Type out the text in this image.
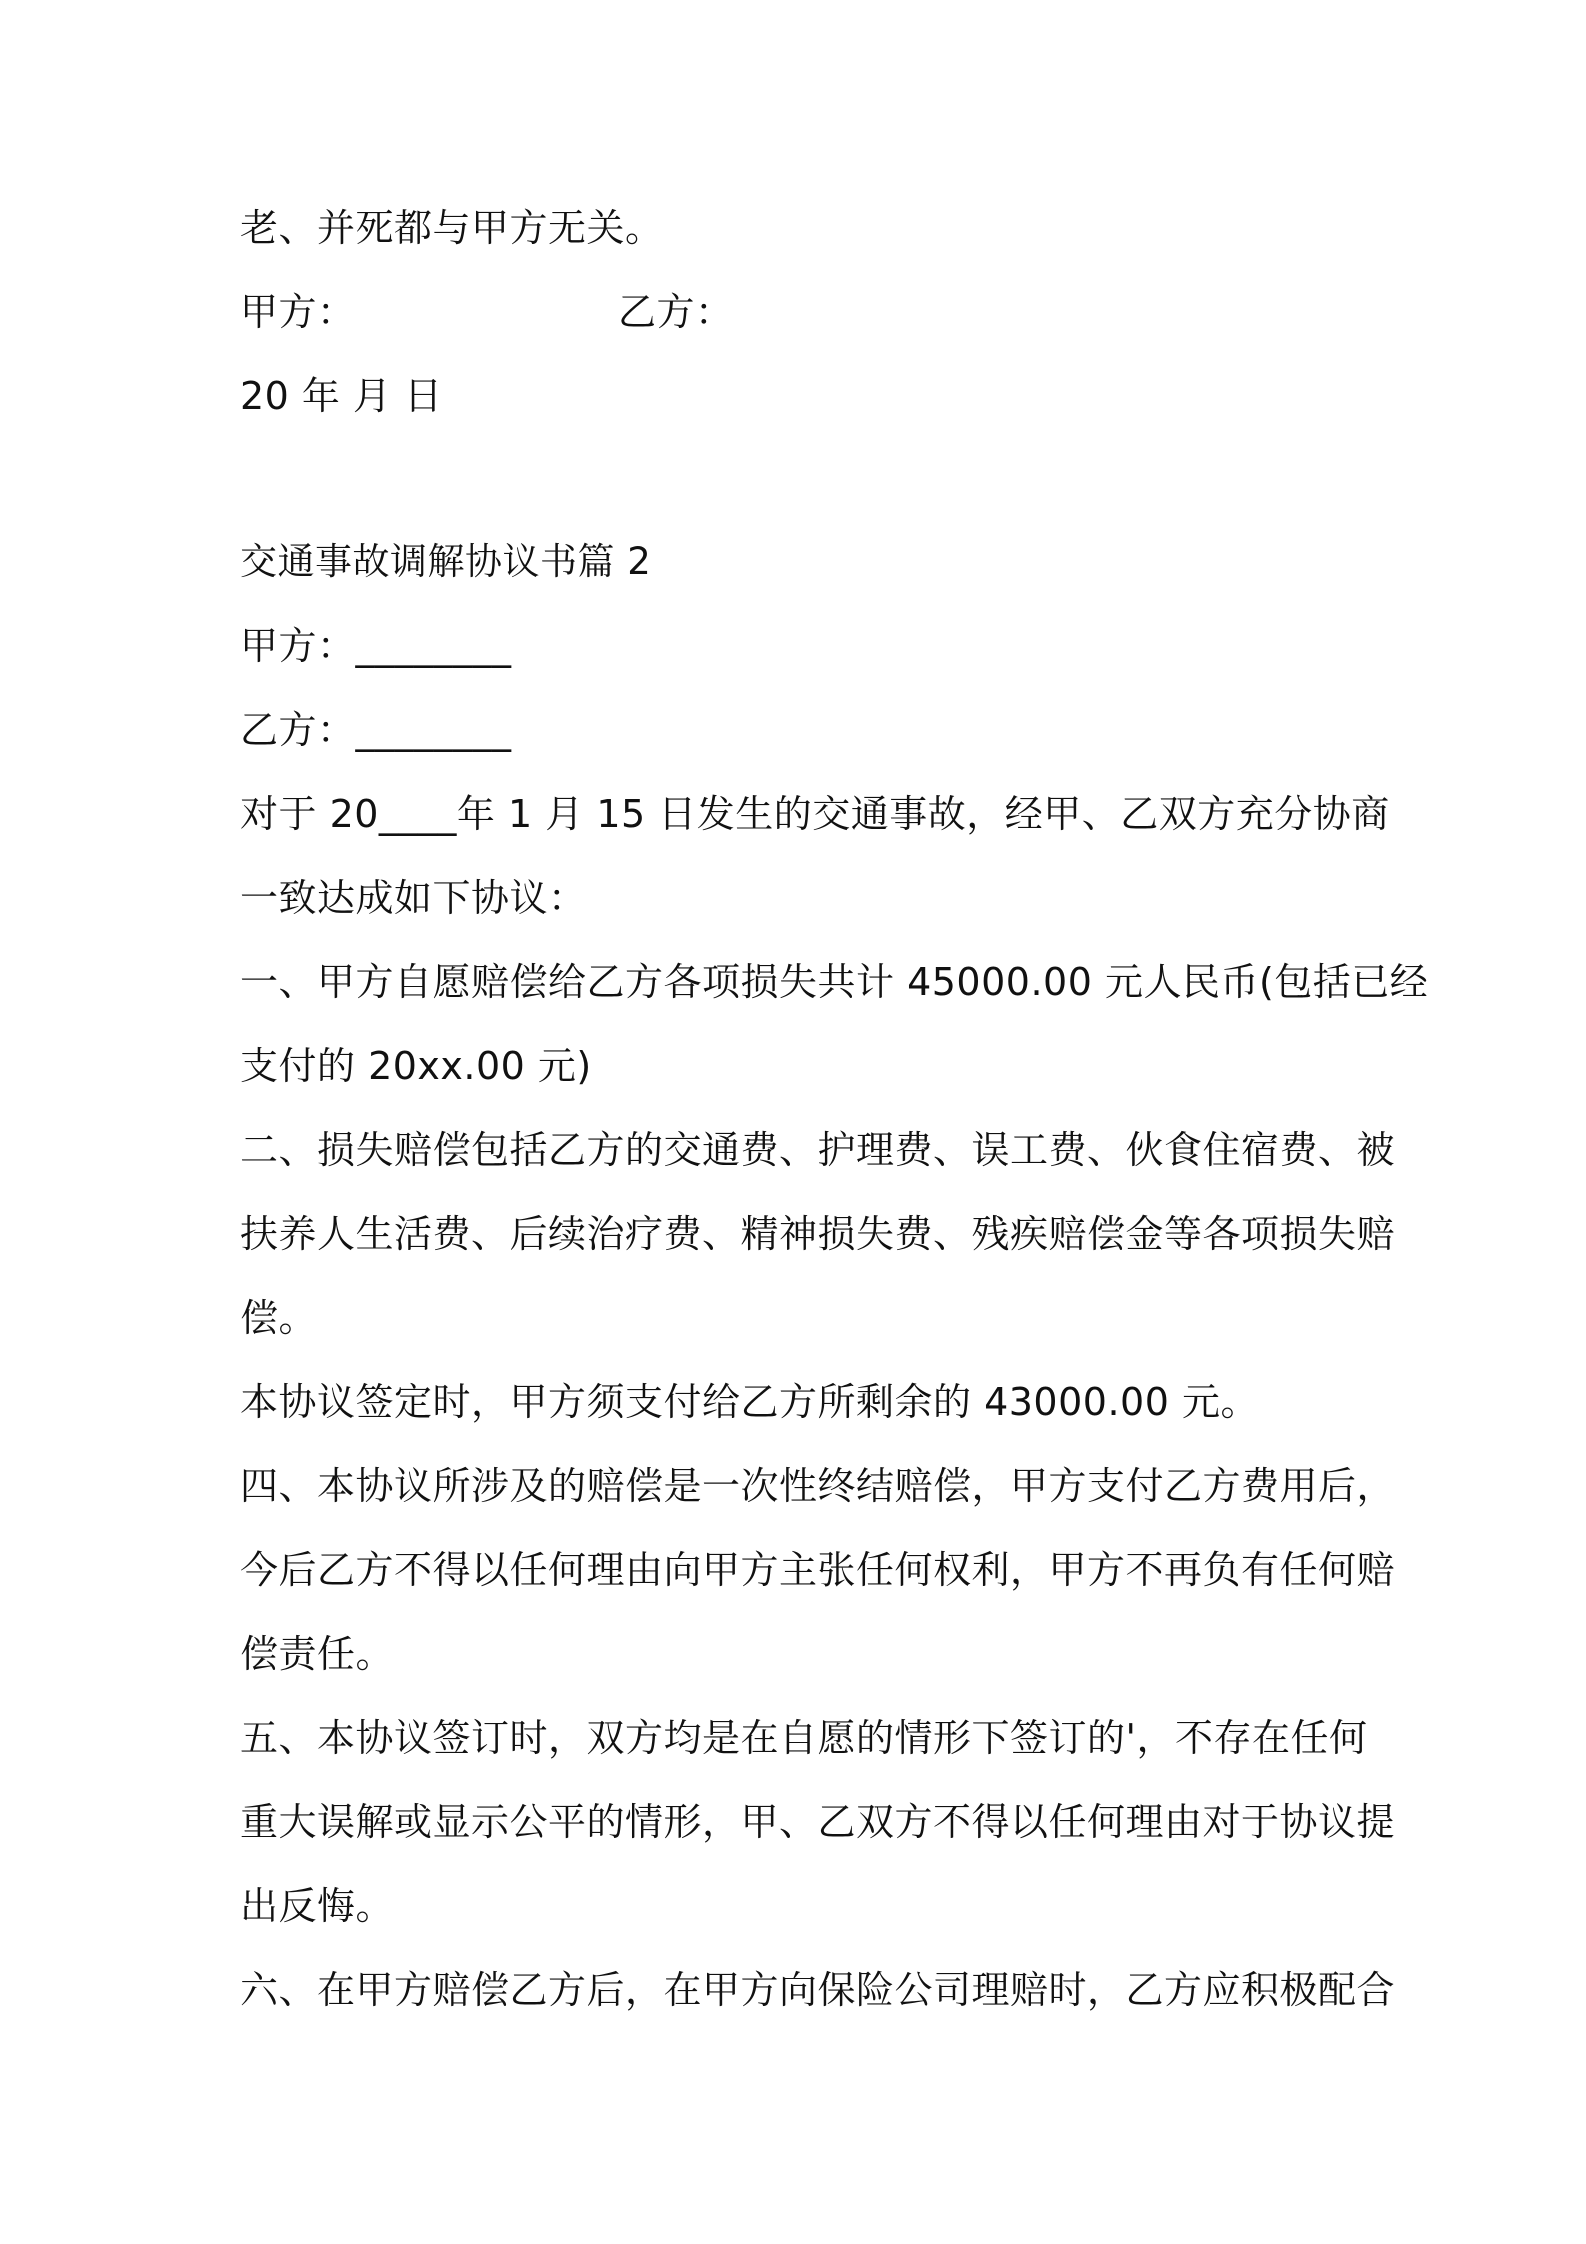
老、并死都与甲方无关。
甲方：	乙方：
20 年 月 日
交通事故调解协议书篇 2
甲方：________
乙方：________
对于 20____年 1 月 15 日发生的交通事故，经甲、乙双方充分协商
一致达成如下协议：
一、甲方自愿赔偿给乙方各项损失共计 45000.00 元人民币(包括已经
支付的 20xx.00 元)
二、损失赔偿包括乙方的交通费、护理费、误工费、伙食住宿费、被
扶养人生活费、后续治疗费、精神损失费、残疾赔偿金等各项损失赔
偿。
本协议签定时，甲方须支付给乙方所剩余的 43000.00 元。
四、本协议所涉及的赔偿是一次性终结赔偿，甲方支付乙方费用后，
今后乙方不得以任何理由向甲方主张任何权利，甲方不再负有任何赔
偿责任。
五、本协议签订时，双方均是在自愿的情形下签订的'，不存在任何
重大误解或显示公平的情形，甲、乙双方不得以任何理由对于协议提
出反悔。
六、在甲方赔偿乙方后，在甲方向保险公司理赔时，乙方应积极配合
